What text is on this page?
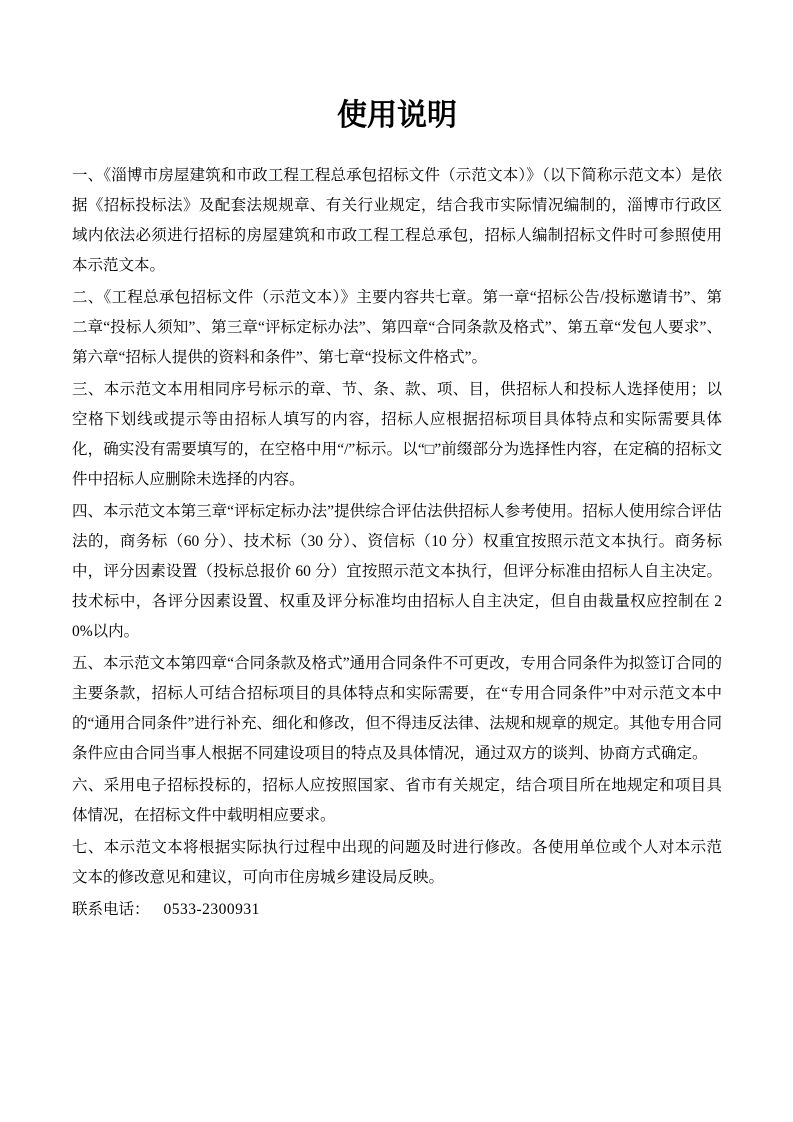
使用说明

一、《淄博市房屋建筑和市政工程工程总承包招标文件（示范文本）》（以下简称示范文本）是依据《招标投标法》及配套法规规章、有关行业规定，结合我市实际情况编制的，淄博市行政区域内依法必须进行招标的房屋建筑和市政工程工程总承包，招标人编制招标文件时可参照使用本示范文本。

二、《工程总承包招标文件（示范文本）》主要内容共七章。第一章“招标公告/投标邀请书”、第二章“投标人须知”、第三章“评标定标办法”、第四章“合同条款及格式”、第五章“发包人要求”、第六章“招标人提供的资料和条件”、第七章“投标文件格式”。

三、本示范文本用相同序号标示的章、节、条、款、项、目，供招标人和投标人选择使用；以空格下划线或提示等由招标人填写的内容，招标人应根据招标项目具体特点和实际需要具体化，确实没有需要填写的，在空格中用“/”标示。以“□”前缀部分为选择性内容，在定稿的招标文件中招标人应删除未选择的内容。

四、本示范文本第三章“评标定标办法”提供综合评估法供招标人参考使用。招标人使用综合评估法的，商务标（60 分）、技术标（30 分）、资信标（10 分）权重宜按照示范文本执行。商务标中，评分因素设置（投标总报价 60 分）宜按照示范文本执行，但评分标准由招标人自主决定。技术标中，各评分因素设置、权重及评分标准均由招标人自主决定，但自由裁量权应控制在 20%以内。

五、本示范文本第四章“合同条款及格式”通用合同条件不可更改，专用合同条件为拟签订合同的主要条款，招标人可结合招标项目的具体特点和实际需要，在“专用合同条件”中对示范文本中的“通用合同条件”进行补充、细化和修改，但不得违反法律、法规和规章的规定。其他专用合同条件应由合同当事人根据不同建设项目的特点及具体情况，通过双方的谈判、协商方式确定。

六、采用电子招标投标的，招标人应按照国家、省市有关规定，结合项目所在地规定和项目具体情况，在招标文件中载明相应要求。

七、本示范文本将根据实际执行过程中出现的问题及时进行修改。各使用单位或个人对本示范文本的修改意见和建议，可向市住房城乡建设局反映。

联系电话： 0533-2300931
